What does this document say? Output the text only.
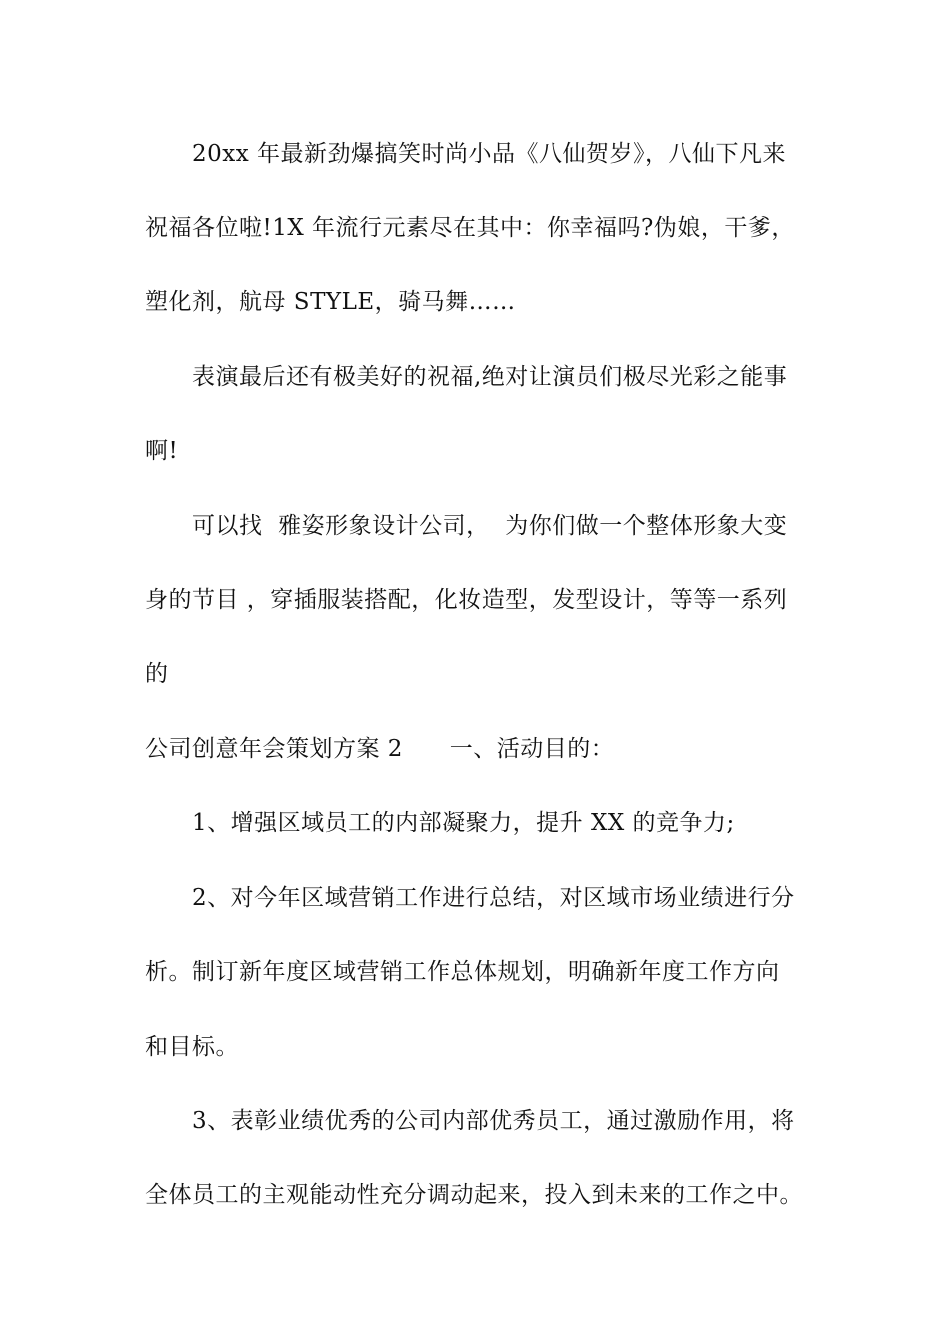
20xx 年最新劲爆搞笑时尚小品《八仙贺岁》，八仙下凡来
祝福各位啦!1X 年流行元素尽在其中：你幸福吗?伪娘，干爹，
塑化剂，航母 STYLE，骑马舞……
表演最后还有极美好的祝福,绝对让演员们极尽光彩之能事
啊!
可以找  雅姿形象设计公司，  为你们做一个整体形象大变
身的节目 ，穿插服装搭配，化妆造型，发型设计，等等一系列
的
公司创意年会策划方案 2      一、活动目的：
1、增强区域员工的内部凝聚力，提升 XX 的竞争力;
2、对今年区域营销工作进行总结，对区域市场业绩进行分
析。制订新年度区域营销工作总体规划，明确新年度工作方向
和目标。
3、表彰业绩优秀的公司内部优秀员工，通过激励作用，将
全体员工的主观能动性充分调动起来，投入到未来的工作之中。
